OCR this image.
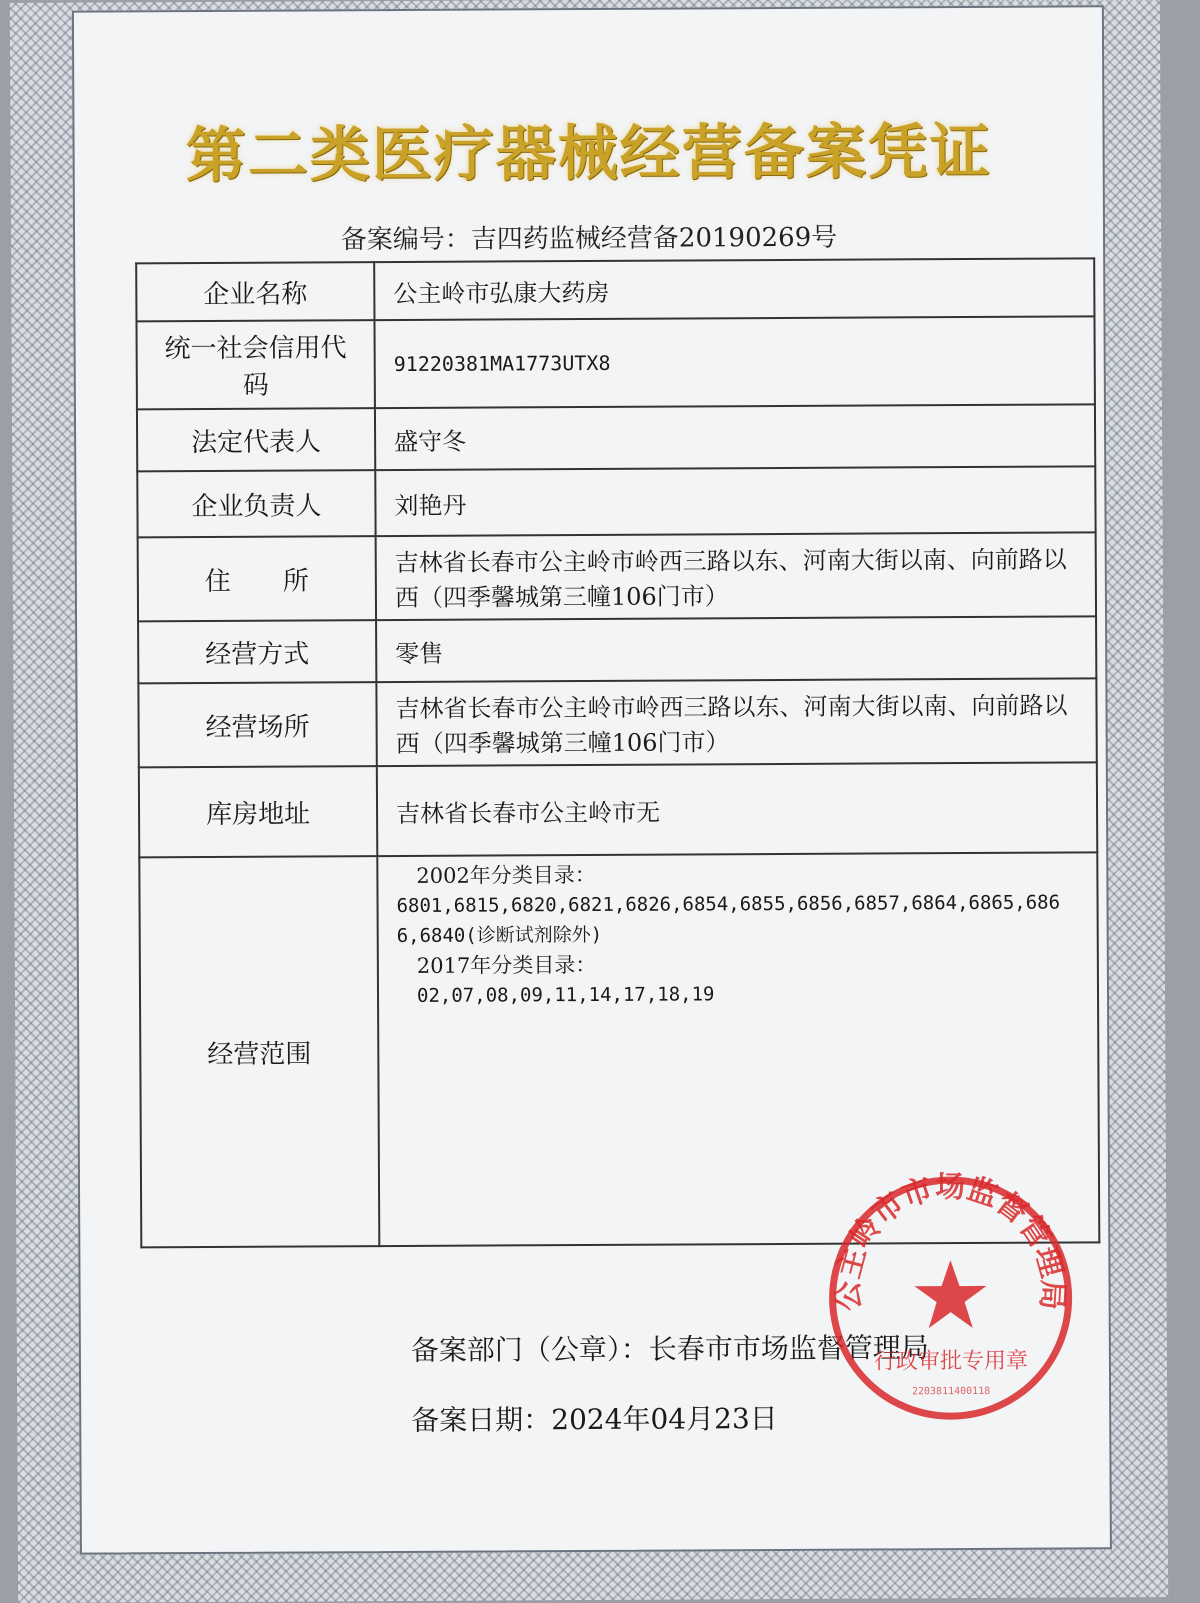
第二类医疗器械经营备案凭证
备案编号：吉四药监械经营备20190269号
企业名称	公主岭市弘康大药房
统一社会信用代码	91220381MA1773UTX8
法定代表人	盛守冬
企业负责人	刘艳丹
住　　所	吉林省长春市公主岭市岭西三路以东、河南大街以南、向前路以西（四季馨城第三幢106门市）
经营方式	零售
经营场所	吉林省长春市公主岭市岭西三路以东、河南大街以南、向前路以西（四季馨城第三幢106门市）
库房地址	吉林省长春市公主岭市无
经营范围	2002年分类目录：
6801,6815,6820,6821,6826,6854,6855,6856,6857,6864,6865,6866,6840(诊断试剂除外)
2017年分类目录：
02,07,08,09,11,14,17,18,19
备案部门（公章）：长春市市场监督管理局
备案日期：2024年04月23日
公主岭市市场监督管理局
行政审批专用章
2203811400118
